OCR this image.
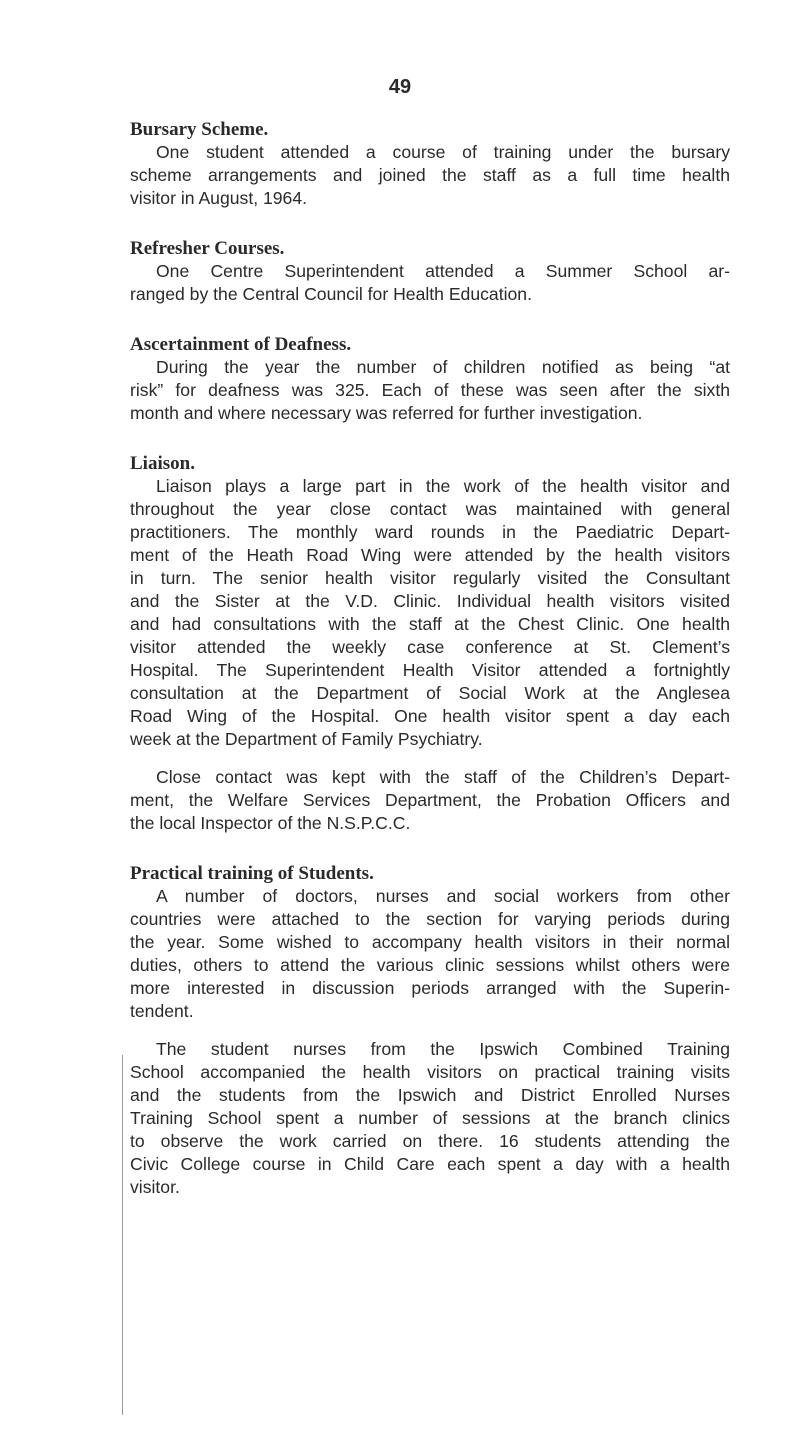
49
Bursary Scheme.
One student attended a course of training under the bursary
scheme arrangements and joined the staff as a full time health
visitor in August, 1964.
Refresher Courses.
One Centre Superintendent attended a Summer School ar-
ranged by the Central Council for Health Education.
Ascertainment of Deafness.
During the year the number of children notified as being “at
risk” for deafness was 325. Each of these was seen after the sixth
month and where necessary was referred for further investigation.
Liaison.
Liaison plays a large part in the work of the health visitor and
throughout the year close contact was maintained with general
practitioners. The monthly ward rounds in the Paediatric Depart-
ment of the Heath Road Wing were attended by the health visitors
in turn. The senior health visitor regularly visited the Consultant
and the Sister at the V.D. Clinic. Individual health visitors visited
and had consultations with the staff at the Chest Clinic. One health
visitor attended the weekly case conference at St. Clement’s
Hospital. The Superintendent Health Visitor attended a fortnightly
consultation at the Department of Social Work at the Anglesea
Road Wing of the Hospital. One health visitor spent a day each
week at the Department of Family Psychiatry.
Close contact was kept with the staff of the Children’s Depart-
ment, the Welfare Services Department, the Probation Officers and
the local Inspector of the N.S.P.C.C.
Practical training of Students.
A number of doctors, nurses and social workers from other
countries were attached to the section for varying periods during
the year. Some wished to accompany health visitors in their normal
duties, others to attend the various clinic sessions whilst others were
more interested in discussion periods arranged with the Superin-
tendent.
The student nurses from the Ipswich Combined Training
School accompanied the health visitors on practical training visits
and the students from the Ipswich and District Enrolled Nurses
Training School spent a number of sessions at the branch clinics
to observe the work carried on there. 16 students attending the
Civic College course in Child Care each spent a day with a health
visitor.
